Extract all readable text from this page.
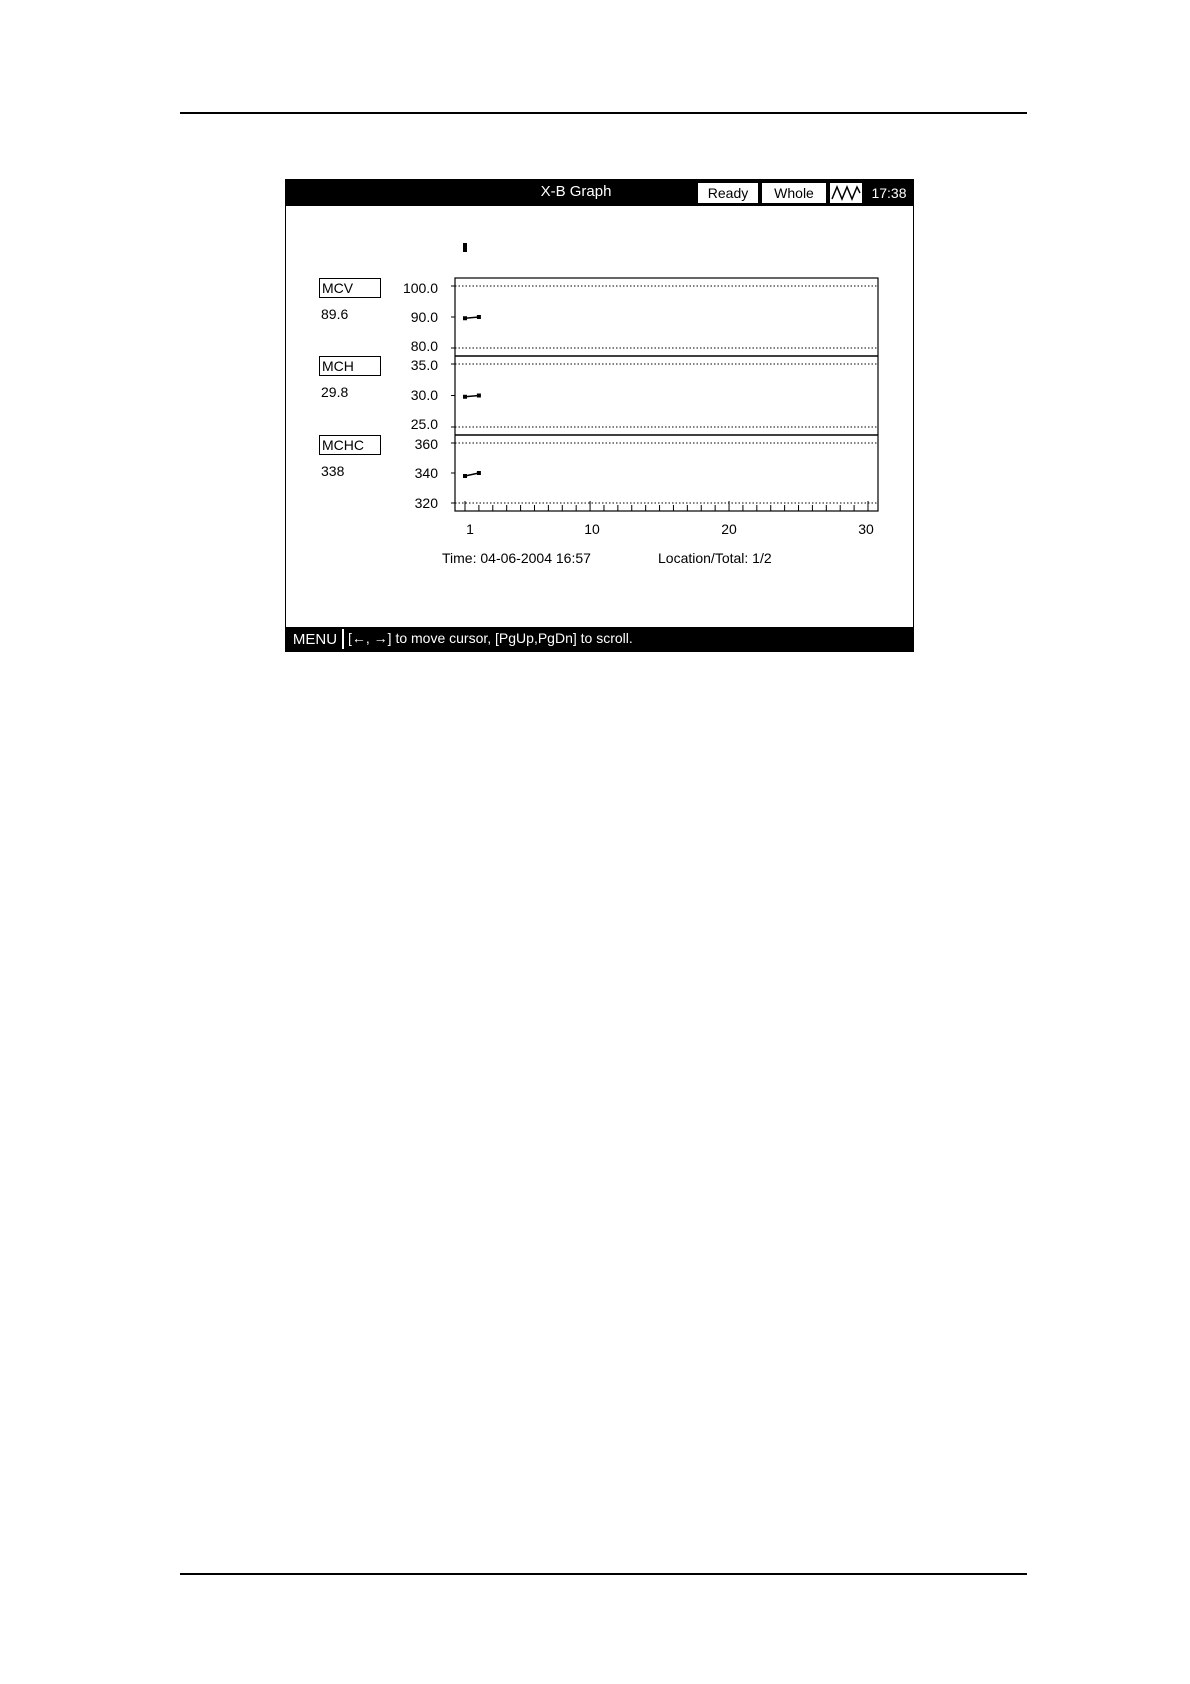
X-B Graph	Ready	Whole	17:38
MCV
89.6
MCH
29.8
MCHC
338
100.0
90.0
80.0
35.0
30.0
25.0
360
340
320
1	10	20	30
Time: 04-06-2004 16:57	Location/Total: 1/2
MENU [←, →] to move cursor, [PgUp,PgDn] to scroll.
